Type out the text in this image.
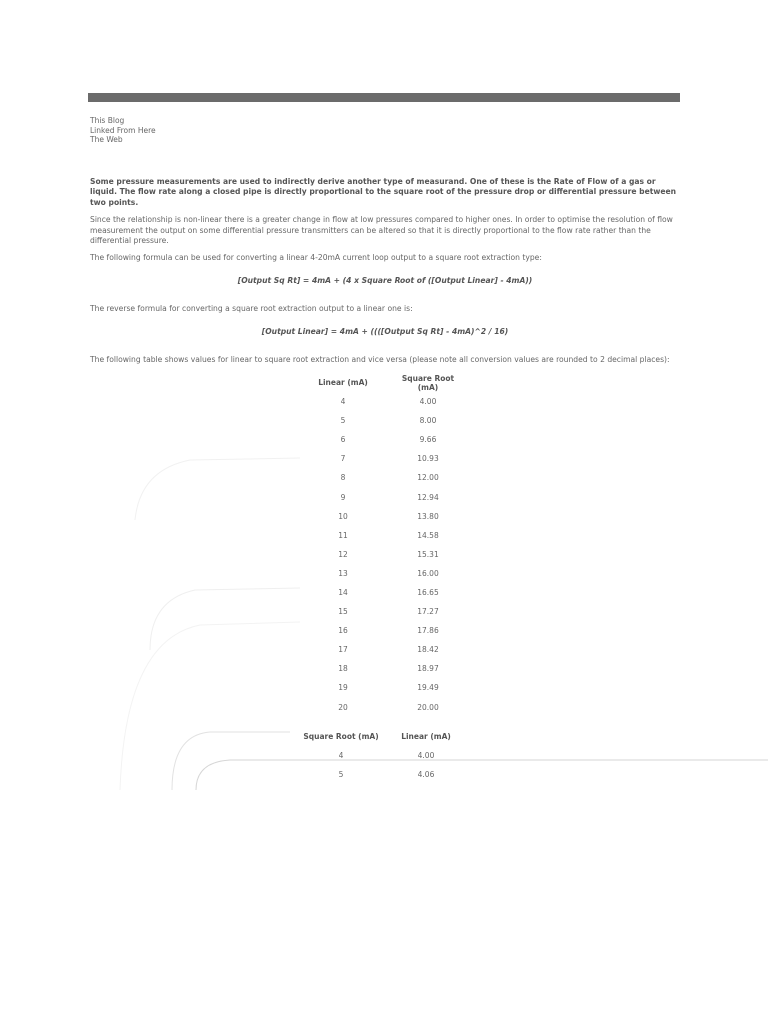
This Blog
Linked From Here
The Web

Some pressure measurements are used to indirectly derive another type of measurand. One of these is the Rate of Flow of a gas or liquid. The flow rate along a closed pipe is directly proportional to the square root of the pressure drop or differential pressure between two points.

Since the relationship is non-linear there is a greater change in flow at low pressures compared to higher ones. In order to optimise the resolution of flow measurement the output on some differential pressure transmitters can be altered so that it is directly proportional to the flow rate rather than the differential pressure.

The following formula can be used for converting a linear 4-20mA current loop output to a square root extraction type:

[Output Sq Rt] = 4mA + (4 x Square Root of ([Output Linear] - 4mA))

The reverse formula for converting a square root extraction output to a linear one is:

[Output Linear] = 4mA + ((([Output Sq Rt] - 4mA)^2 / 16)

The following table shows values for linear to square root extraction and vice versa (please note all conversion values are rounded to 2 decimal places):

Linear (mA)	Square Root (mA)
4	4.00
5	8.00
6	9.66
7	10.93
8	12.00
9	12.94
10	13.80
11	14.58
12	15.31
13	16.00
14	16.65
15	17.27
16	17.86
17	18.42
18	18.97
19	19.49
20	20.00
Square Root (mA)	Linear (mA)
4	4.00
5	4.06
